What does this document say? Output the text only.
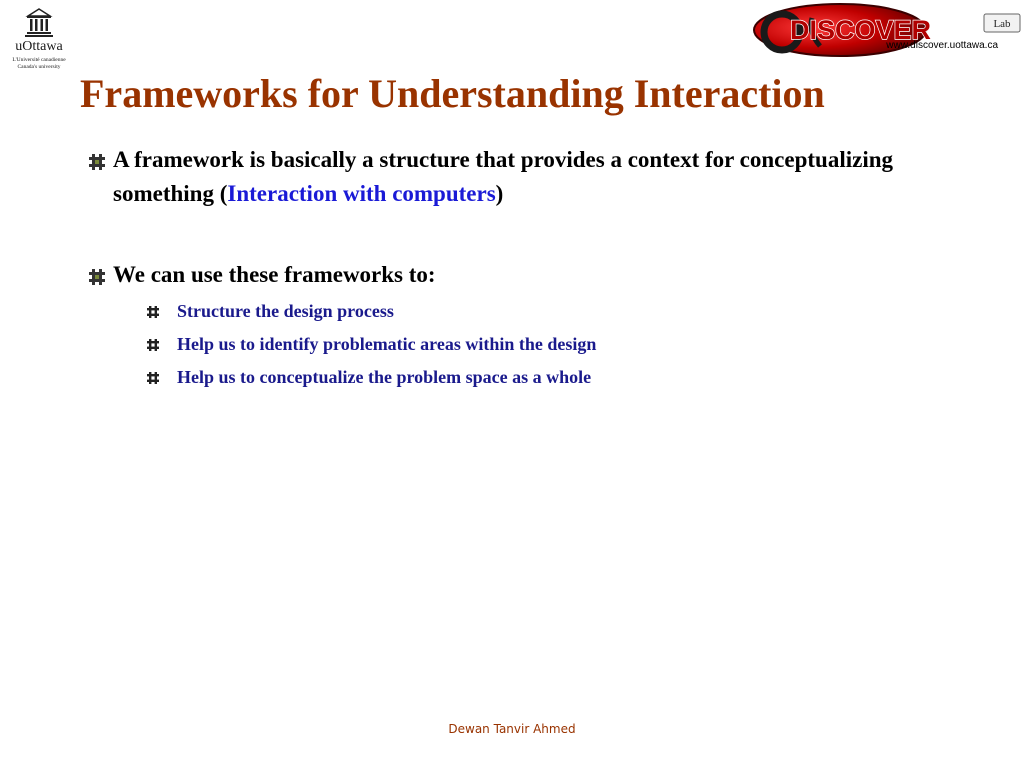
uOttawa
L'Université canadienne
Canada's university
Lab
DISCOVER
www.discover.uottawa.ca
Frameworks for Understanding Interaction
A framework is basically a structure that provides a context for conceptualizing something (Interaction with computers)
We can use these frameworks to:
Structure the design process
Help us to identify problematic areas within the design
Help us to conceptualize the problem space as a whole
Dewan Tanvir Ahmed
